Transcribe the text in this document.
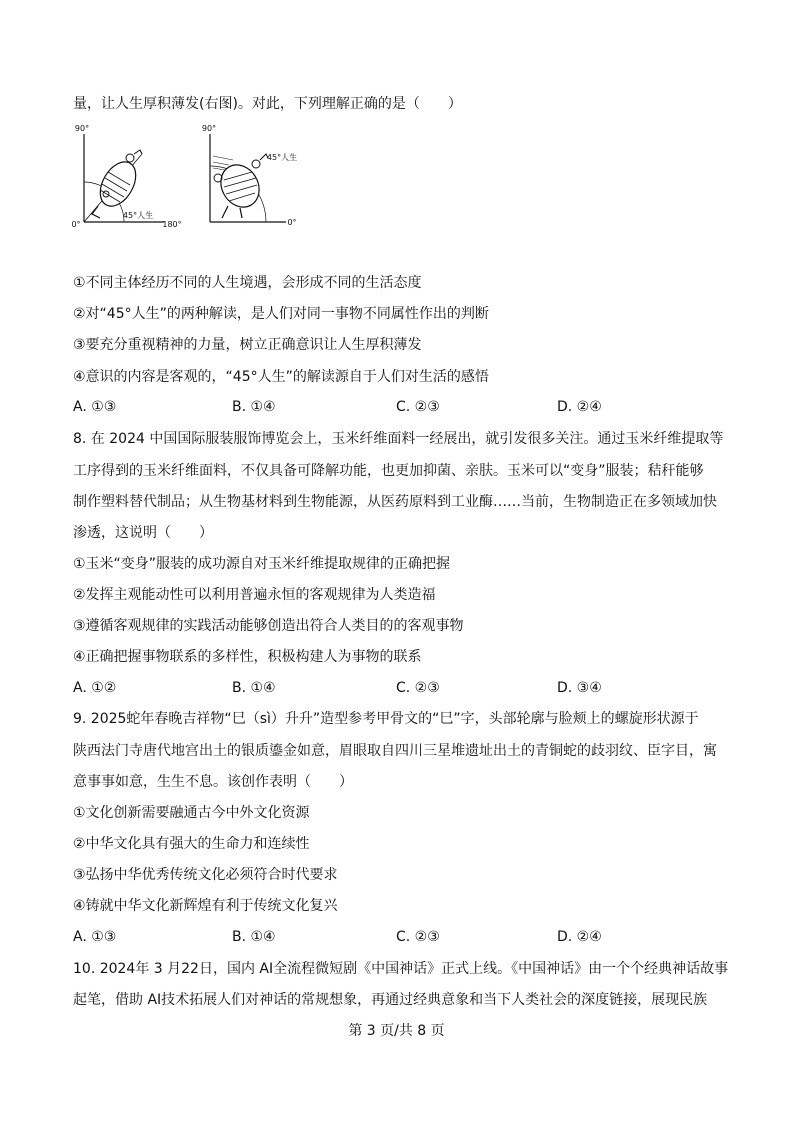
量，让人生厚积薄发(右图)。对此，下列理解正确的是（　　）
90°
0°
45°人生
180°
90°
45°人生
0°
①不同主体经历不同的人生境遇，会形成不同的生活态度
②对“45°人生”的两种解读，是人们对同一事物不同属性作出的判断
③要充分重视精神的力量，树立正确意识让人生厚积薄发
④意识的内容是客观的，“45°人生”的解读源自于人们对生活的感悟
A. ①③	B. ①④	C. ②③	D. ②④
8. 在 2024 中国国际服装服饰博览会上，玉米纤维面料一经展出，就引发很多关注。通过玉米纤维提取等
工序得到的玉米纤维面料，不仅具备可降解功能，也更加抑菌、亲肤。玉米可以“变身”服装；秸秆能够
制作塑料替代制品；从生物基材料到生物能源，从医药原料到工业酶……当前，生物制造正在多领域加快
渗透，这说明（　　）
①玉米“变身”服装的成功源自对玉米纤维提取规律的正确把握
②发挥主观能动性可以利用普遍永恒的客观规律为人类造福
③遵循客观规律的实践活动能够创造出符合人类目的的客观事物
④正确把握事物联系的多样性，积极构建人为事物的联系
A. ①②	B. ①④	C. ②③	D. ③④
9. 2025蛇年春晚吉祥物“巳（sì）升升”造型参考甲骨文的“巳”字，头部轮廓与脸颊上的螺旋形状源于
陕西法门寺唐代地宫出土的银质鎏金如意，眉眼取自四川三星堆遗址出土的青铜蛇的歧羽纹、臣字目，寓
意事事如意，生生不息。该创作表明（　　）
①文化创新需要融通古今中外文化资源
②中华文化具有强大的生命力和连续性
③弘扬中华优秀传统文化必须符合时代要求
④铸就中华文化新辉煌有利于传统文化复兴
A. ①③	B. ①④	C. ②③	D. ②④
10. 2024年 3 月22日，国内 AI全流程微短剧《中国神话》正式上线。《中国神话》由一个个经典神话故事
起笔，借助 AI技术拓展人们对神话的常规想象，再通过经典意象和当下人类社会的深度链接，展现民族
第 3 页/共 8 页
